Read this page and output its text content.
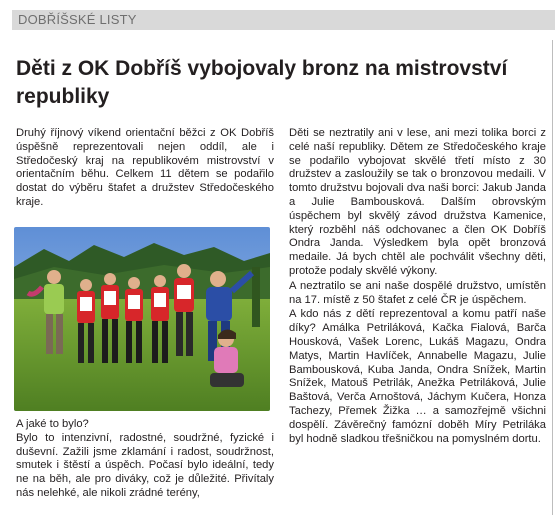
DOBŘÍŠSKÉ LISTY
Děti z OK Dobříš vybojovaly bronz na mistrovství republiky

Druhý říjnový víkend orientační běžci z OK Dobříš úspěšně reprezentovali nejen oddíl, ale i Středočeský kraj na republikovém mistrovství v orientačním běhu. Celkem 11 dětem se podařilo dostat do výběru štafet a družstev Středočeského kraje.

A jaké to bylo?

Bylo to intenzivní, radostné, soudržné, fyzické i duševní. Zažili jsme zklamání i radost, soudržnost, smutek i štěstí a úspěch. Počasí bylo ideální, tedy ne na běh, ale pro diváky, což je důležité. Přivítaly nás nelehké, ale nikoli zrádné terény,

Děti se neztratily ani v lese, ani mezi tolika borci z celé naší republiky. Dětem ze Středočeského kraje se podařilo vybojovat skvělé třetí místo z 30 družstev a zasloužily se tak o bronzovou medaili. V tomto družstvu bojovali dva naši borci: Jakub Janda a Julie Bambousková. Dalším obrovským úspěchem byl skvělý závod družstva Kamenice, který rozběhl náš odchovanec a člen OK Dobříš Ondra Janda. Výsledkem byla opět bronzová medaile. Já bych chtěl ale pochválit všechny děti, protože podaly skvělé výkony.

A neztratilo se ani naše dospělé družstvo, umístěn na 17. místě z 50 štafet z celé ČR je úspěchem.

A kdo nás z dětí reprezentoval a komu patří naše díky? Amálka Petriláková, Kačka Fialová, Barča Housková, Vašek Lorenc, Lukáš Magazu, Ondra Matys, Martin Havlíček, Annabelle Magazu, Julie Bambousková, Kuba Janda, Ondra Snížek, Martin Snížek, Matouš Petrilák, Anežka Petriláková, Julie Baštová, Verča Arnoštová, Jáchym Kučera, Honza Tachezy, Přemek Žižka … a samozřejmě všichni dospělí. Závěrečný famózní doběh Míry Petriláka byl hodně sladkou třešničkou na pomyslném dortu.
